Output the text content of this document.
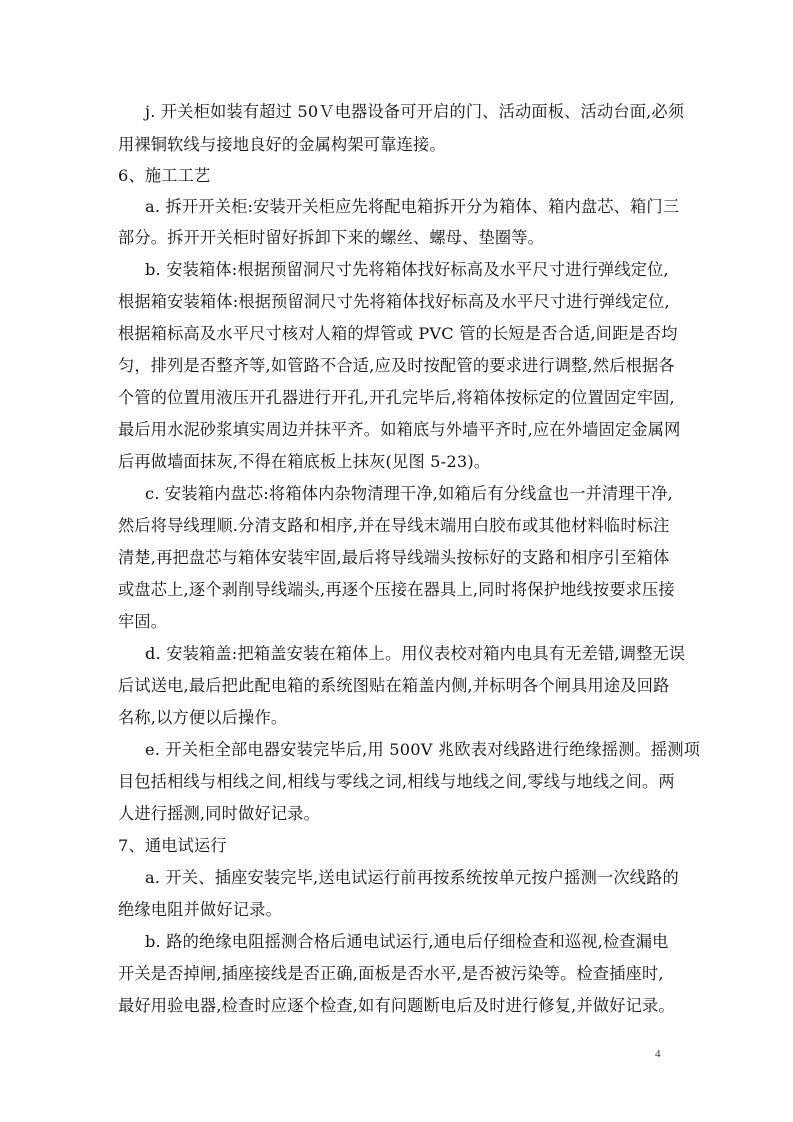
j. 开关柜如装有超过 50Ｖ电器设备可开启的门、活动面板、活动台面,必须
用裸铜软线与接地良好的金属构架可靠连接。
6、施工工艺
a. 拆开开关柜:安装开关柜应先将配电箱拆开分为箱体、箱内盘芯、箱门三
部分。拆开开关柜时留好拆卸下来的螺丝、螺母、垫圈等。
b. 安装箱体:根据预留洞尺寸先将箱体找好标高及水平尺寸进行弹线定位,
根据箱安装箱体:根据预留洞尺寸先将箱体找好标高及水平尺寸进行弹线定位,
根据箱标高及水平尺寸核对人箱的焊管或 PVC 管的长短是否合适,间距是否均
匀，排列是否整齐等,如管路不合适,应及时按配管的要求进行调整,然后根据各
个管的位置用液压开孔器进行开孔,开孔完毕后,将箱体按标定的位置固定牢固,
最后用水泥砂浆填实周边并抹平齐。如箱底与外墙平齐时,应在外墙固定金属网
后再做墙面抹灰,不得在箱底板上抹灰(见图 5-23)。
c. 安装箱内盘芯:将箱体内杂物清理干净,如箱后有分线盒也一并清理干净,
然后将导线理顺.分清支路和相序,并在导线末端用白胶布或其他材料临时标注
清楚,再把盘芯与箱体安装牢固,最后将导线端头按标好的支路和相序引至箱体
或盘芯上,逐个剥削导线端头,再逐个压接在器具上,同时将保护地线按要求压接
牢固。
d. 安装箱盖:把箱盖安装在箱体上。用仪表校对箱内电具有无差错,调整无误
后试送电,最后把此配电箱的系统图贴在箱盖内侧,并标明各个闸具用途及回路
名称,以方便以后操作。
e. 开关柜全部电器安装完毕后,用 500V 兆欧表对线路进行绝缘摇测。摇测项
目包括相线与相线之间,相线与零线之词,相线与地线之间,零线与地线之间。两
人进行摇测,同时做好记录。
7、通电试运行
a. 开关、插座安装完毕,送电试运行前再按系统按单元按户摇测一次线路的
绝缘电阻并做好记录。
b. 路的绝缘电阻摇测合格后通电试运行,通电后仔细检查和巡视,检查漏电
开关是否掉闸,插座接线是否正确,面板是否水平,是否被污染等。检查插座时,
最好用验电器,检查时应逐个检查,如有问题断电后及时进行修复,并做好记录。
4
